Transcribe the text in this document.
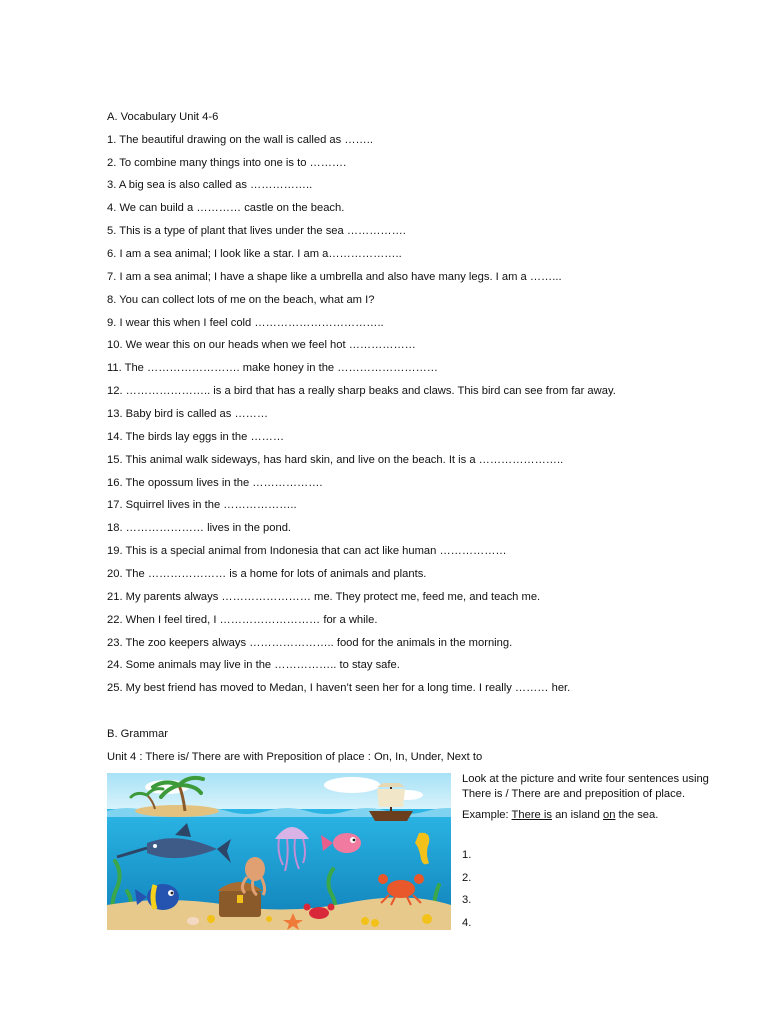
A. Vocabulary Unit 4-6
1. The beautiful drawing on the wall is called as ……..
2. To combine many things into one is to ……….
3. A big sea is also called as ……………..
4. We can build a ………… castle on the beach.
5. This is a type of plant that lives under the sea …………….
6. I am a sea animal; I look like a star. I am a………………..
7. I am a sea animal; I have a shape like a umbrella and also have many legs. I am a ……...
8. You can collect lots of me on the beach, what am I?
9. I wear this when I feel cold ……………………………..
10. We wear this on our heads when we feel hot ………………
11. The ……………………. make honey in the ………………………
12. ………………….. is a bird that has a really sharp beaks and claws. This bird can see from far away.
13. Baby bird is called as ………
14. The birds lay eggs in the ………
15. This animal walk sideways, has hard skin, and live on the beach. It is a …………………..
16. The opossum lives in the ……………….
17. Squirrel lives in the ………………..
18. ………………… lives in the pond.
19. This is a special animal from Indonesia that can act like human ………………
20. The ………………… is a home for lots of animals and plants.
21. My parents always …………………… me. They protect me, feed me, and teach me.
22. When I feel tired, I ……………………… for a while.
23. The zoo keepers always ………………….. food for the animals in the morning.
24. Some animals may live in the …………….. to stay safe.
25. My best friend has moved to Medan, I haven’t seen her for a long time. I really ……… her.
B. Grammar
Unit 4 : There is/ There are with Preposition of place : On, In, Under, Next to

Look at the picture and write four sentences using There is / There are and preposition of place.

Example: There is an island on the sea.

1.
2.
3.
4.
